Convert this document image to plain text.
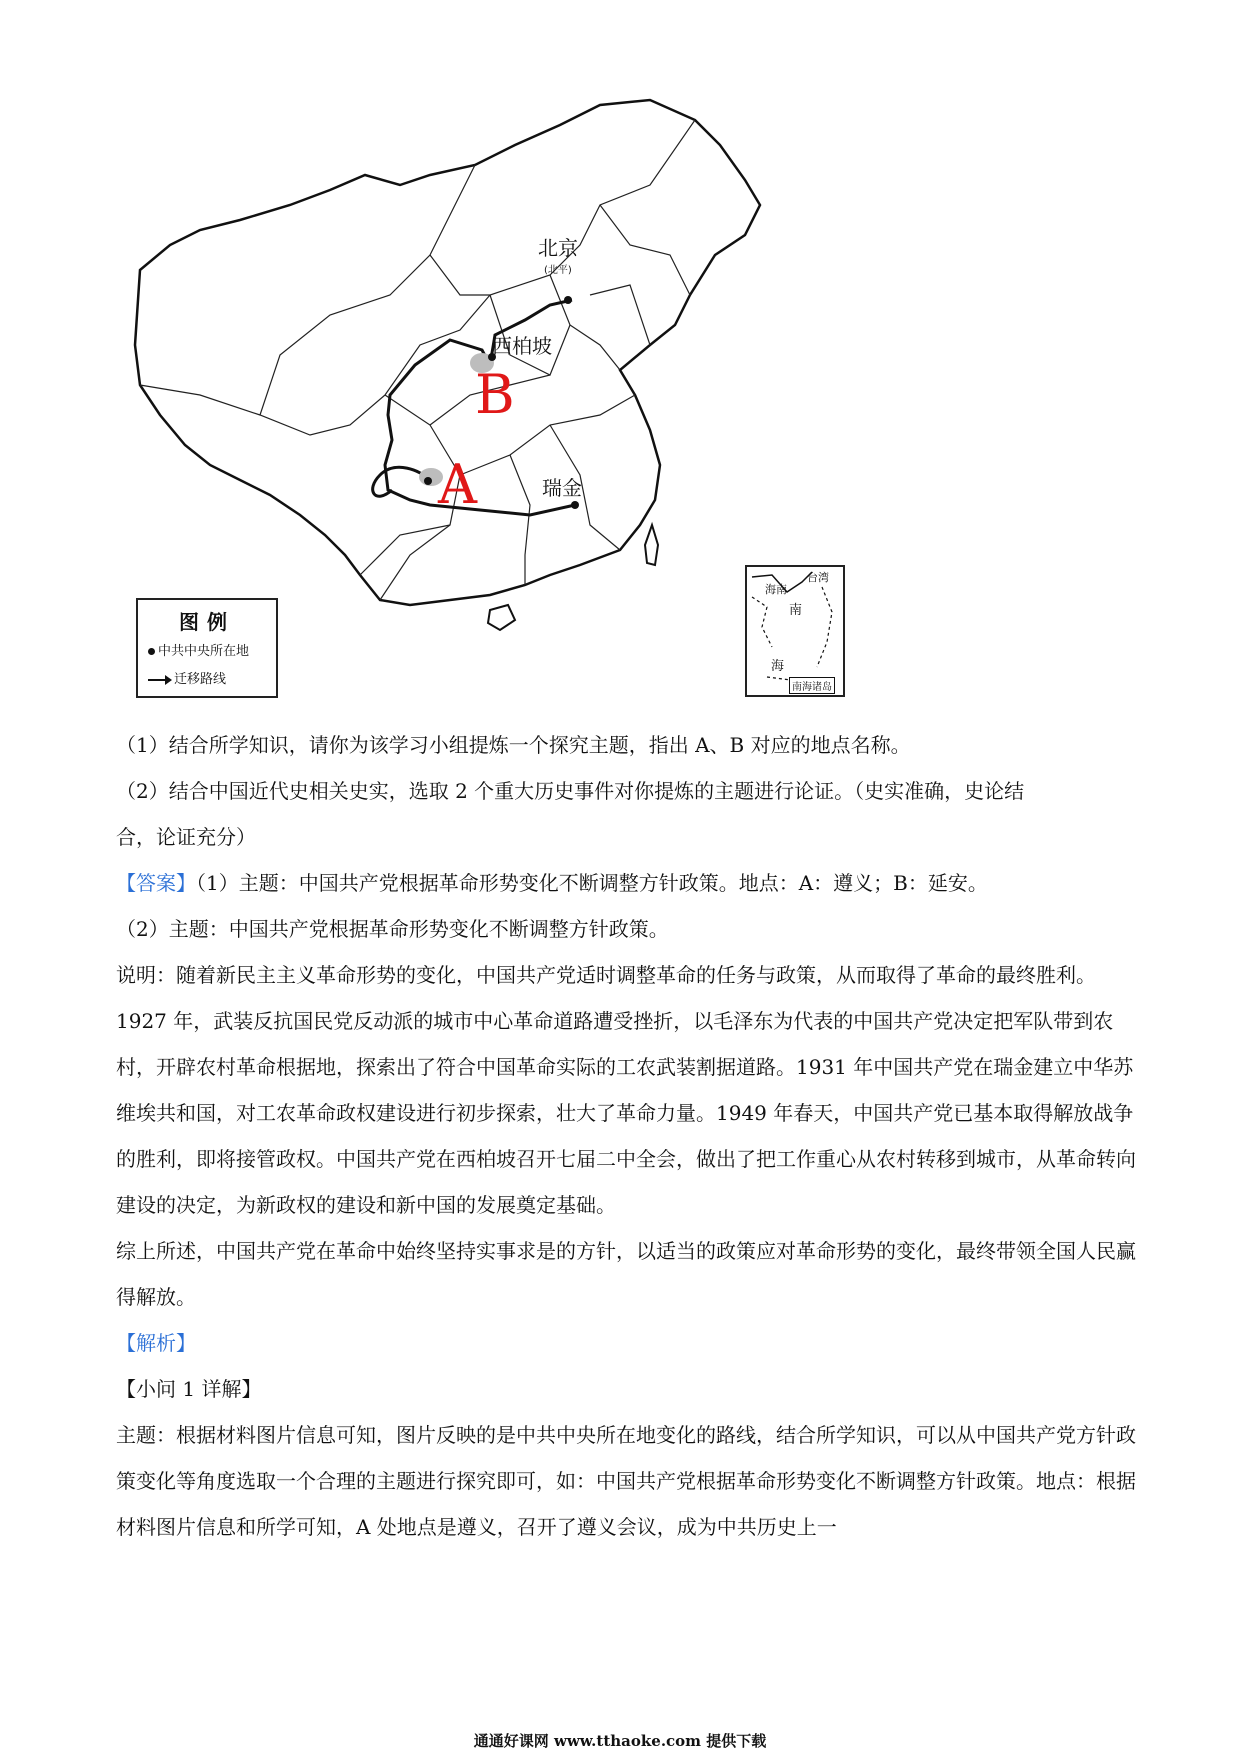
北京
(北平)
西柏坡
B
A	瑞金
图例
中共中央所在地
迁移路线
台湾
海南
南
海
南海诸岛

（1）结合所学知识，请你为该学习小组提炼一个探究主题，指出 A、B 对应的地点名称。

（2）结合中国近代史相关史实，选取 2 个重大历史事件对你提炼的主题进行论证。（史实准确，史论结

合，论证充分）

【答案】（1）主题：中国共产党根据革命形势变化不断调整方针政策。地点：A：遵义；B：延安。

（2）主题：中国共产党根据革命形势变化不断调整方针政策。

说明：随着新民主主义革命形势的变化，中国共产党适时调整革命的任务与政策，从而取得了革命的最终胜利。1927 年，武装反抗国民党反动派的城市中心革命道路遭受挫折，以毛泽东为代表的中国共产党决定把军队带到农村，开辟农村革命根据地，探索出了符合中国革命实际的工农武装割据道路。1931 年中国共产党在瑞金建立中华苏维埃共和国，对工农革命政权建设进行初步探索，壮大了革命力量。1949 年春天，中国共产党已基本取得解放战争的胜利，即将接管政权。中国共产党在西柏坡召开七届二中全会，做出了把工作重心从农村转移到城市，从革命转向建设的决定，为新政权的建设和新中国的发展奠定基础。

综上所述，中国共产党在革命中始终坚持实事求是的方针，以适当的政策应对革命形势的变化，最终带领全国人民赢得解放。

【解析】

【小问 1 详解】

主题：根据材料图片信息可知，图片反映的是中共中央所在地变化的路线，结合所学知识，可以从中国共产党方针政策变化等角度选取一个合理的主题进行探究即可，如：中国共产党根据革命形势变化不断调整方针政策。地点：根据材料图片信息和所学可知，A 处地点是遵义，召开了遵义会议，成为中共历史上一

通通好课网 www.tthaoke.com 提供下载
